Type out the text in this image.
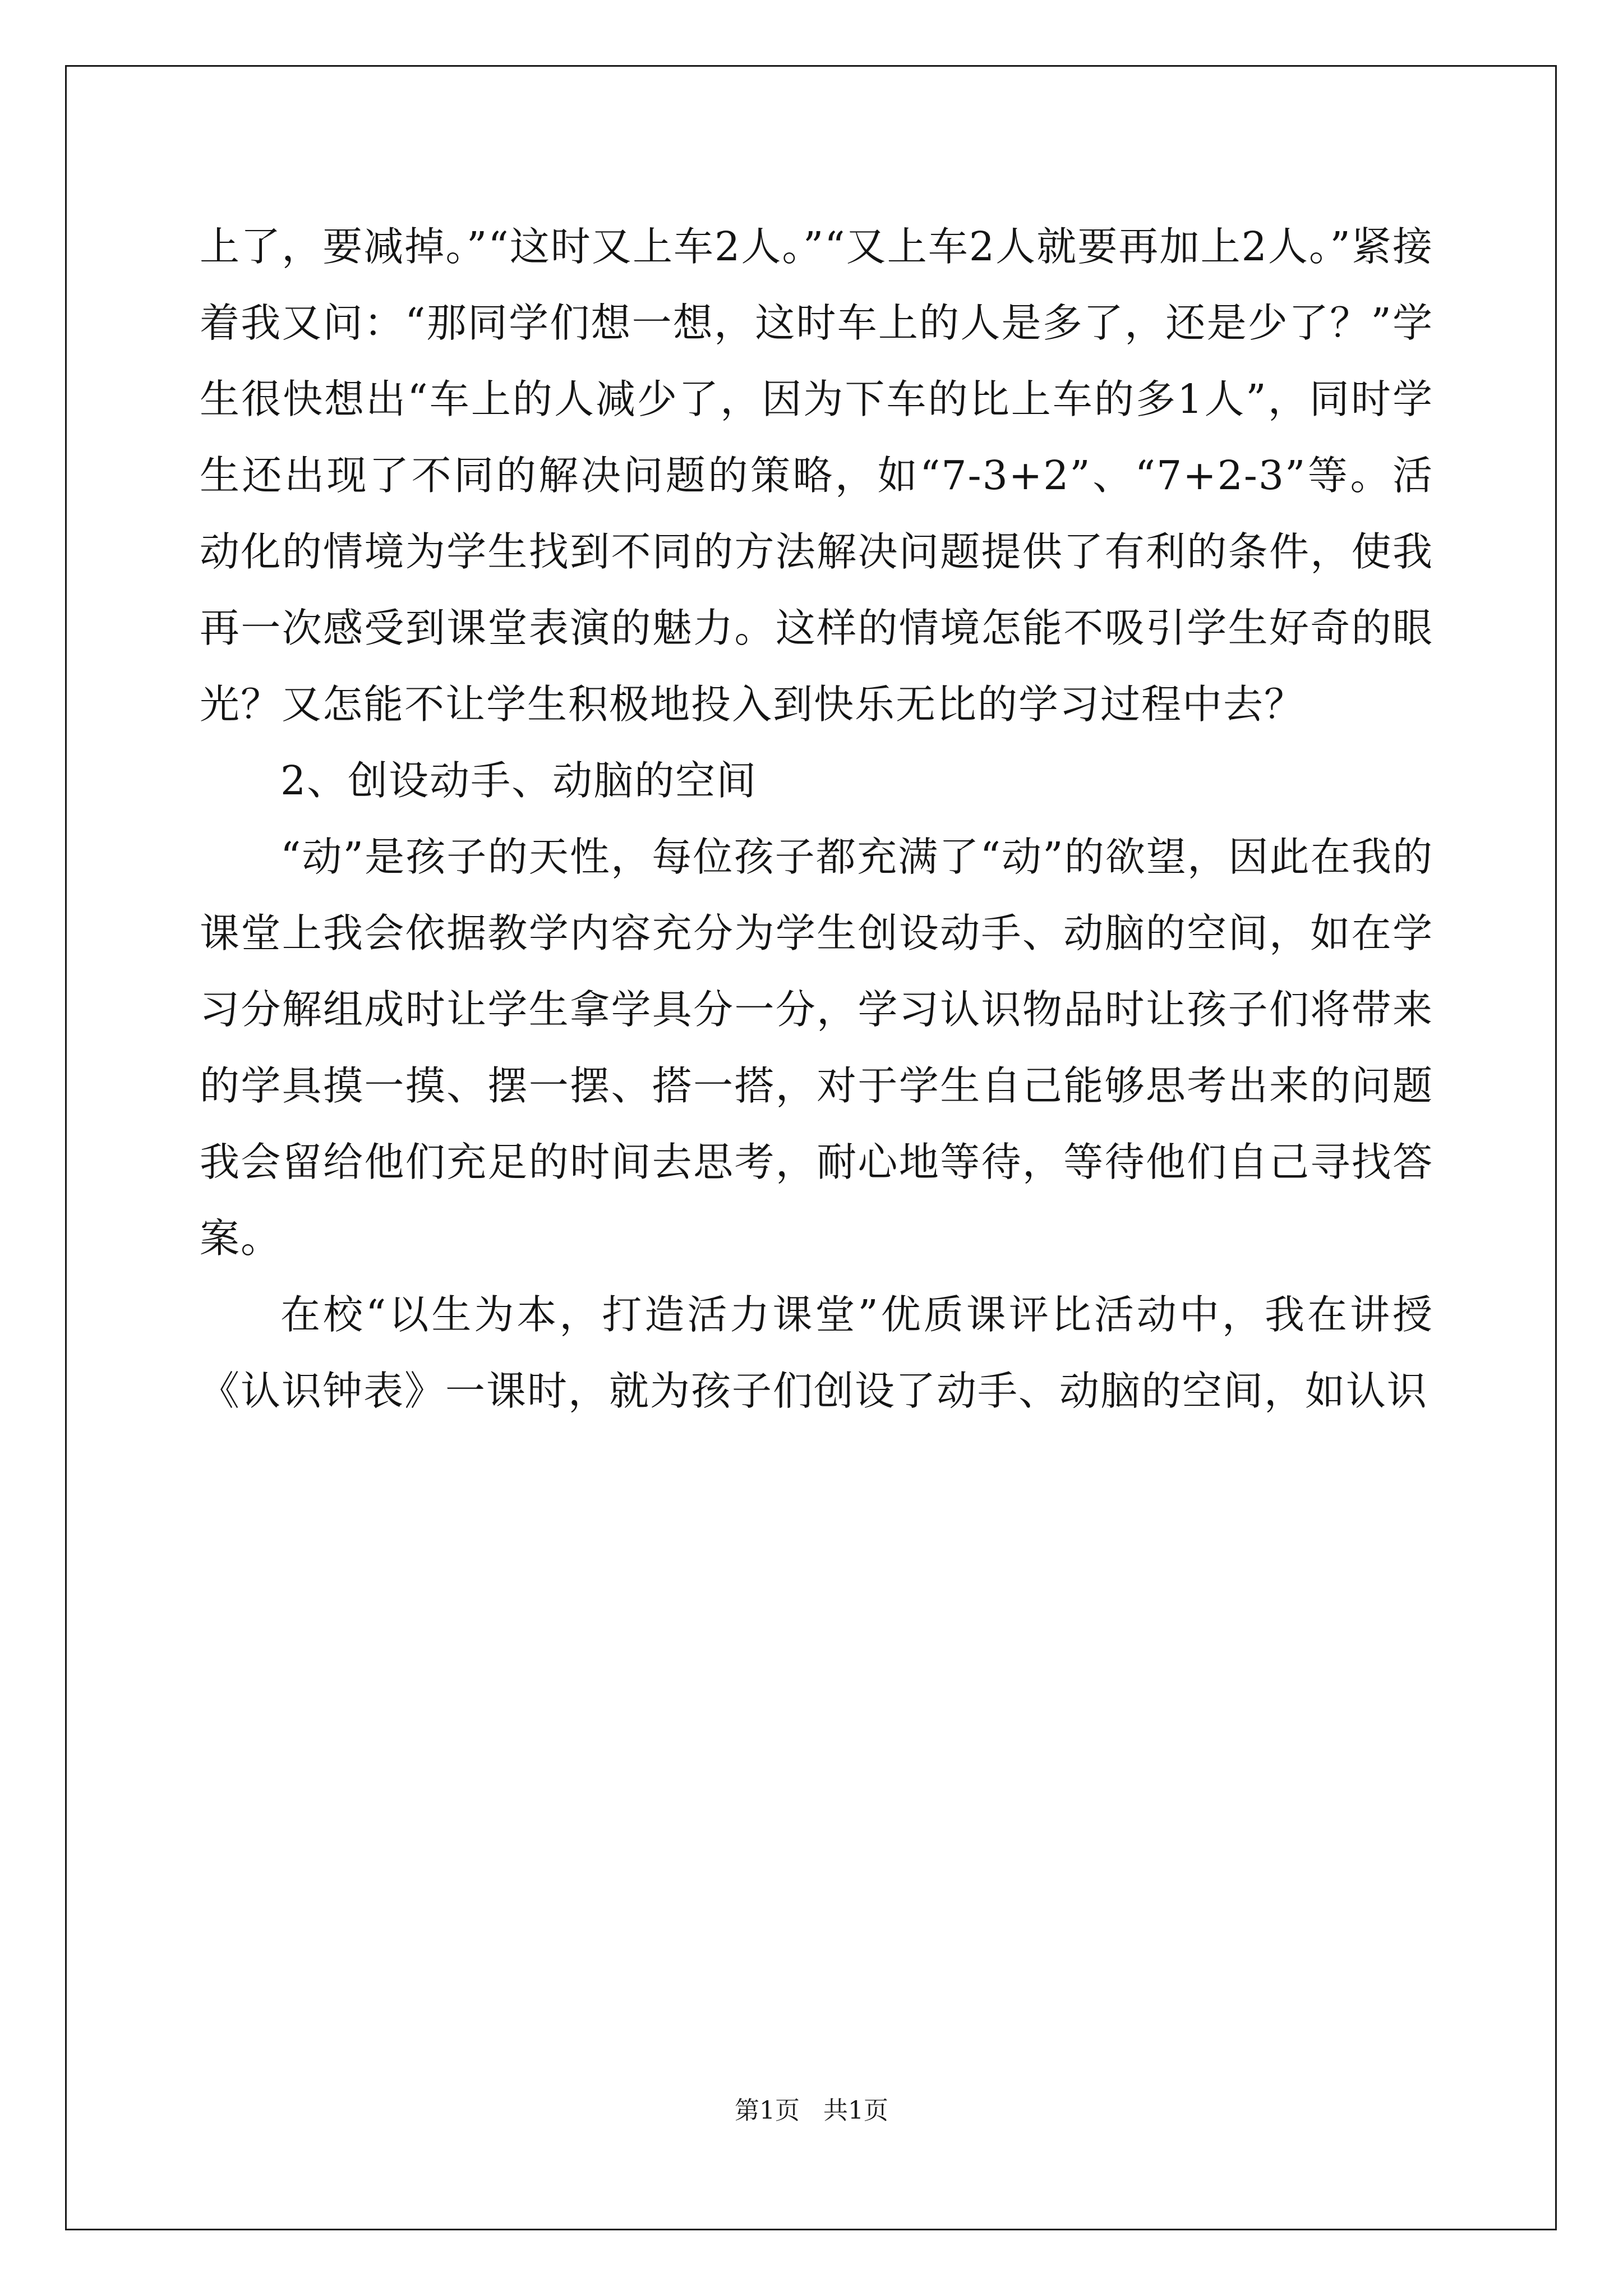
上了，要减掉。”“这时又上车2人。”“又上车2人就要再加上2人。”紧接着我又问：“那同学们想一想，这时车上的人是多了，还是少了？”学生很快想出“车上的人减少了，因为下车的比上车的多1人”，同时学生还出现了不同的解决问题的策略，如“7-3+2”、“7+2-3”等。活动化的情境为学生找到不同的方法解决问题提供了有利的条件，使我再一次感受到课堂表演的魅力。这样的情境怎能不吸引学生好奇的眼光？又怎能不让学生积极地投入到快乐无比的学习过程中去？

2、创设动手、动脑的空间

“动”是孩子的天性，每位孩子都充满了“动”的欲望，因此在我的课堂上我会依据教学内容充分为学生创设动手、动脑的空间，如在学习分解组成时让学生拿学具分一分，学习认识物品时让孩子们将带来的学具摸一摸、摆一摆、搭一搭，对于学生自己能够思考出来的问题我会留给他们充足的时间去思考，耐心地等待，等待他们自己寻找答案。

在校“以生为本，打造活力课堂”优质课评比活动中，我在讲授《认识钟表》一课时，就为孩子们创设了动手、动脑的空间，如认识

第1页   共1页
